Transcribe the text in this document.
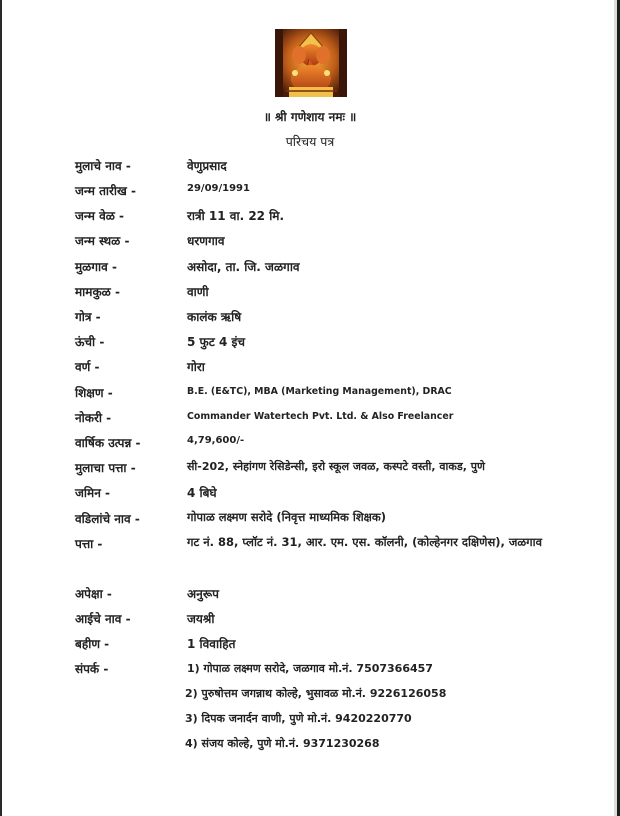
॥ श्री गणेशाय नमः ॥
परिचय पत्र
मुलाचे नाव -	वेणुप्रसाद
जन्म तारीख -	29/09/1991
जन्म वेळ -	रात्री 11 वा. 22 मि.
जन्म स्थळ -	धरणगाव
मुळगाव -	असोदा, ता. जि. जळगाव
मामकुळ -	वाणी
गोत्र -	कालंक ऋषि
ऊंची -	5 फुट 4 इंच
वर्ण -	गोरा
शिक्षण -	B.E. (E&TC), MBA (Marketing Management), DRAC
नोकरी -	Commander Watertech Pvt. Ltd. & Also Freelancer
वार्षिक उत्पन्न -	4,79,600/-
मुलाचा पत्ता -	सी-202, स्नेहांगण रेसिडेन्सी, इरो स्कूल जवळ, कस्पटे वस्ती, वाकड, पुणे
जमिन -	4 बिघे
वडिलांचे नाव -	गोपाळ लक्ष्मण सरोदे (निवृत्त माध्यमिक शिक्षक)
पत्ता -	गट नं. 88, प्लॉट नं. 31, आर. एम. एस. कॉलनी, (कोल्हेनगर दक्षिणेस), जळगाव
अपेक्षा -	अनुरूप
आईचे नाव -	जयश्री
बहीण -	1 विवाहित
संपर्क -	1) गोपाळ लक्ष्मण सरोदे, जळगाव मो.नं. 7507366457
2) पुरुषोत्तम जगन्नाथ कोल्हे, भुसावळ मो.नं. 9226126058
3) दिपक जनार्दन वाणी, पुणे मो.नं. 9420220770
4) संजय कोल्हे, पुणे मो.नं. 9371230268
